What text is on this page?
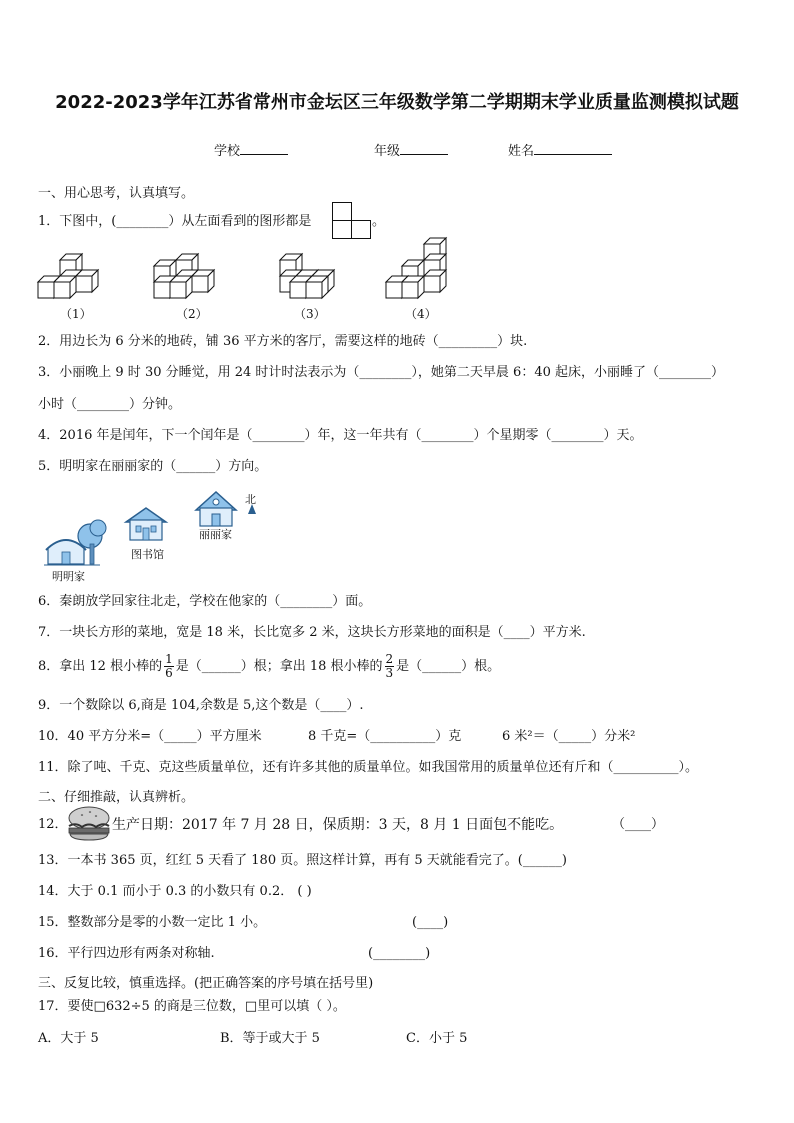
2022-2023学年江苏省常州市金坛区三年级数学第二学期期末学业质量监测模拟试题
学校	年级	姓名
一、用心思考，认真填写。
1．下图中，(________）从左面看到的图形都是	。
（1）	（2）	（3）	（4）
2．用边长为 6 分米的地砖，铺 36 平方米的客厅，需要这样的地砖（_________）块.
3．小丽晚上 9 时 30 分睡觉，用 24 时计时法表示为（________），她第二天早晨 6：40 起床，小丽睡了（________）
小时（________）分钟。
4．2016 年是闰年，下一个闰年是（________）年，这一年共有（________）个星期零（________）天。
5．明明家在丽丽家的（______）方向。
北
图书馆
丽丽家
明明家
6．秦朗放学回家往北走，学校在他家的（________）面。
7．一块长方形的菜地，宽是 18 米，长比宽多 2 米，这块长方形菜地的面积是（____）平方米.
8．拿出 12 根小棒的 $\frac{1}{6}$ 是（______）根；拿出 18 根小棒的 $\frac{2}{3}$ 是（______）根。
9．一个数除以 6,商是 104,余数是 5,这个数是（____）.
10．40 平方分米=（_____）平方厘米	8 千克=（__________）克	6 米²＝（_____）分米²
11．除了吨、千克、克这些质量单位，还有许多其他的质量单位。如我国常用的质量单位还有斤和（__________）。
二、仔细推敲，认真辨析。
12．	生产日期：2017 年 7 月 28 日，保质期：3 天，8 月 1 日面包不能吃。	（____）
13．一本书 365 页，红红 5 天看了 180 页。照这样计算，再有 5 天就能看完了。(______)
14．大于 0.1 而小于 0.3 的小数只有 0.2． ( )
15．整数部分是零的小数一定比 1 小。	(____)
16．平行四边形有两条对称轴.	(________)
三、反复比较，慎重选择。(把正确答案的序号填在括号里)
17．要使□632÷5 的商是三位数，□里可以填（ ）。
A．大于 5	B．等于或大于 5	C．小于 5
